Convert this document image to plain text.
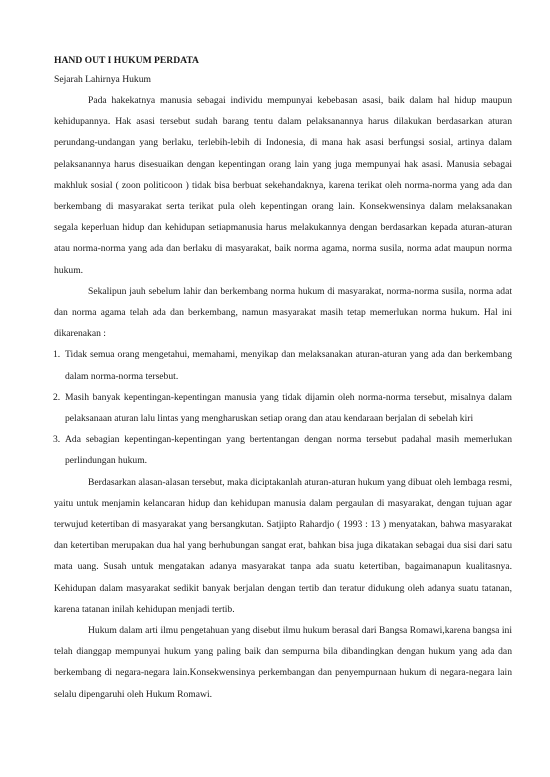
HAND OUT I HUKUM PERDATA
Sejarah Lahirnya Hukum

Pada hakekatnya manusia sebagai individu mempunyai kebebasan asasi, baik dalam hal hidup maupun kehidupannya. Hak asasi tersebut sudah barang tentu dalam pelaksanannya harus dilakukan berdasarkan aturan perundang-undangan yang berlaku, terlebih-lebih di Indonesia, di mana hak asasi berfungsi sosial, artinya dalam pelaksanannya harus disesuaikan dengan kepentingan orang lain yang juga mempunyai hak asasi. Manusia sebagai makhluk sosial ( zoon politicoon ) tidak bisa berbuat sekehandaknya, karena terikat oleh norma-norma yang ada dan berkembang di masyarakat serta terikat pula oleh kepentingan orang lain. Konsekwensinya dalam melaksanakan segala keperluan hidup dan kehidupan setiapmanusia harus melakukannya dengan berdasarkan kepada aturan-aturan atau norma-norma yang ada dan berlaku di masyarakat, baik norma agama, norma susila, norma adat maupun norma hukum.

Sekalipun jauh sebelum lahir dan berkembang norma hukum di masyarakat, norma-norma susila, norma adat dan norma agama telah ada dan berkembang, namun masyarakat masih tetap memerlukan norma hukum. Hal ini dikarenakan :

1. Tidak semua orang mengetahui, memahami, menyikap dan melaksanakan aturan-aturan yang ada dan berkembang dalam norma-norma tersebut.
2. Masih banyak kepentingan-kepentingan manusia yang tidak dijamin oleh norma-norma tersebut, misalnya dalam pelaksanaan aturan lalu lintas yang mengharuskan setiap orang dan atau kendaraan berjalan di sebelah kiri
3. Ada sebagian kepentingan-kepentingan yang bertentangan dengan norma tersebut padahal masih memerlukan perlindungan hukum.

Berdasarkan alasan-alasan tersebut, maka diciptakanlah aturan-aturan hukum yang dibuat oleh lembaga resmi, yaitu untuk menjamin kelancaran hidup dan kehidupan manusia dalam pergaulan di masyarakat, dengan tujuan agar terwujud ketertiban di masyarakat yang bersangkutan. Satjipto Rahardjo ( 1993 : 13 ) menyatakan, bahwa masyarakat dan ketertiban merupakan dua hal yang berhubungan sangat erat, bahkan bisa juga dikatakan sebagai dua sisi dari satu mata uang. Susah untuk mengatakan adanya masyarakat tanpa ada suatu ketertiban, bagaimanapun kualitasnya. Kehidupan dalam masyarakat sedikit banyak berjalan dengan tertib dan teratur didukung oleh adanya suatu tatanan, karena tatanan inilah kehidupan menjadi tertib.

Hukum dalam arti ilmu pengetahuan yang disebut ilmu hukum berasal dari Bangsa Romawi,karena bangsa ini telah dianggap mempunyai hukum yang paling baik dan sempurna bila dibandingkan dengan hukum yang ada dan berkembang di negara-negara lain.Konsekwensinya perkembangan dan penyempurnaan hukum di negara-negara lain selalu dipengaruhi oleh Hukum Romawi.
